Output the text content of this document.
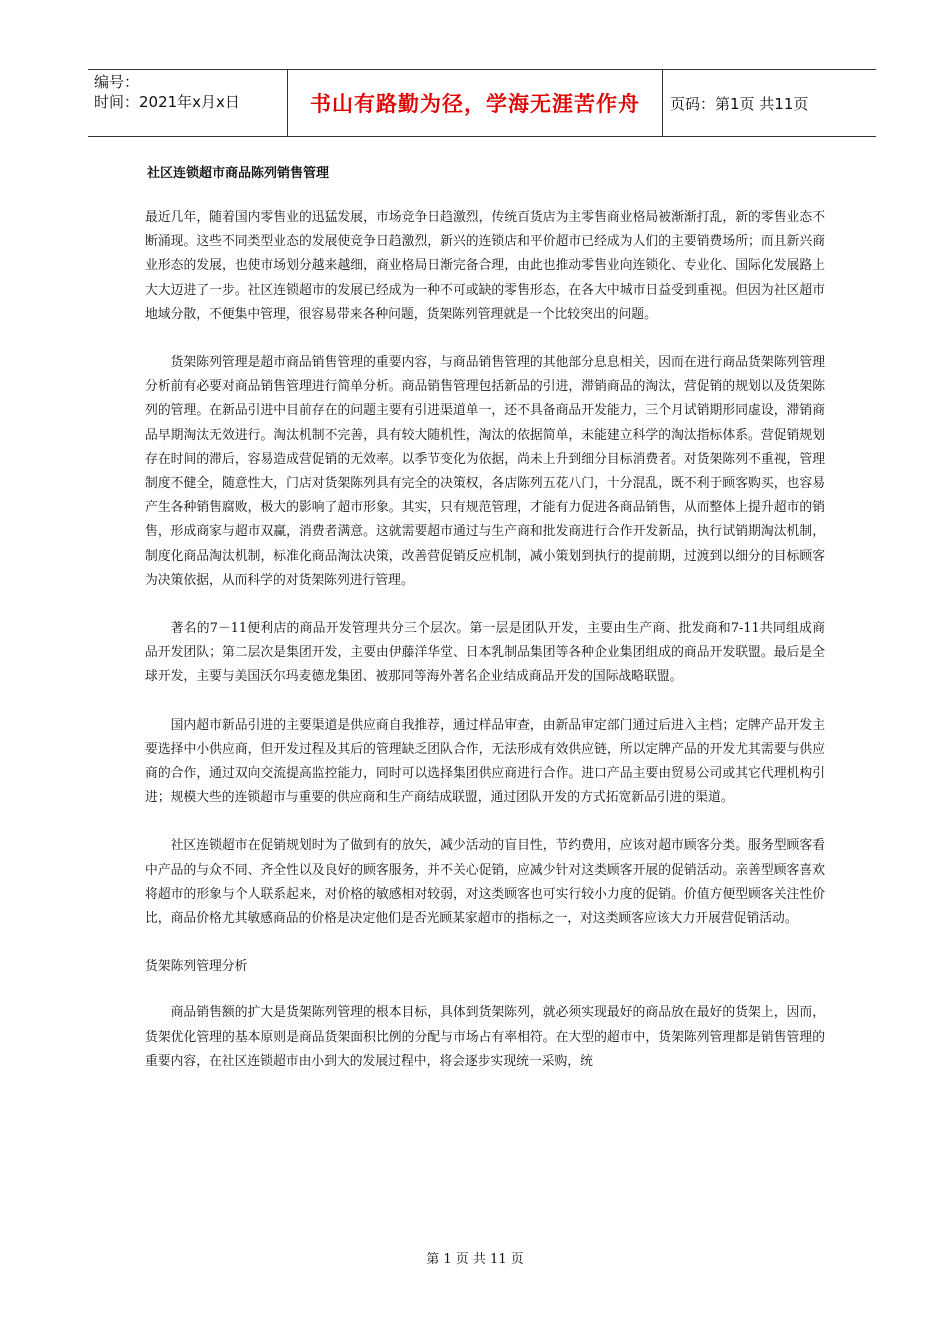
编号：
时间：2021年x月x日	书山有路勤为径，学海无涯苦作舟	页码：第1页 共11页
社区连锁超市商品陈列销售管理

最近几年，随着国内零售业的迅猛发展，市场竞争日趋激烈，传统百货店为主零售商业格局被渐渐打乱，新的零售业态不断涌现。这些不同类型业态的发展使竞争日趋激烈，新兴的连锁店和平价超市已经成为人们的主要销费场所；而且新兴商业形态的发展，也使市场划分越来越细，商业格局日渐完备合理，由此也推动零售业向连锁化、专业化、国际化发展路上大大迈进了一步。社区连锁超市的发展已经成为一种不可或缺的零售形态，在各大中城市日益受到重视。但因为社区超市地域分散，不便集中管理，很容易带来各种问题，货架陈列管理就是一个比较突出的问题。

货架陈列管理是超市商品销售管理的重要内容，与商品销售管理的其他部分息息相关，因而在进行商品货架陈列管理分析前有必要对商品销售管理进行简单分析。商品销售管理包括新品的引进，滞销商品的淘汰，营促销的规划以及货架陈列的管理。在新品引进中目前存在的问题主要有引进渠道单一，还不具备商品开发能力，三个月试销期形同虚设，滞销商品早期淘汰无效进行。淘汰机制不完善，具有较大随机性，淘汰的依据简单，未能建立科学的淘汰指标体系。营促销规划存在时间的滞后，容易造成营促销的无效率。以季节变化为依据，尚未上升到细分目标消费者。对货架陈列不重视，管理制度不健全，随意性大，门店对货架陈列具有完全的决策权，各店陈列五花八门，十分混乱，既不利于顾客购买，也容易产生各种销售腐败，极大的影响了超市形象。其实，只有规范管理，才能有力促进各商品销售，从而整体上提升超市的销售，形成商家与超市双赢，消费者满意。这就需要超市通过与生产商和批发商进行合作开发新品，执行试销期淘汰机制，制度化商品淘汰机制，标准化商品淘汰决策，改善营促销反应机制，减小策划到执行的提前期，过渡到以细分的目标顾客为决策依据，从而科学的对货架陈列进行管理。

著名的7－11便利店的商品开发管理共分三个层次。第一层是团队开发，主要由生产商、批发商和7-11共同组成商品开发团队；第二层次是集团开发，主要由伊藤洋华堂、日本乳制品集团等各种企业集团组成的商品开发联盟。最后是全球开发，主要与美国沃尔玛麦德龙集团、被那同等海外著名企业结成商品开发的国际战略联盟。

国内超市新品引进的主要渠道是供应商自我推荐，通过样品审查，由新品审定部门通过后进入主档；定牌产品开发主要选择中小供应商，但开发过程及其后的管理缺乏团队合作，无法形成有效供应链，所以定牌产品的开发尤其需要与供应商的合作，通过双向交流提高监控能力，同时可以选择集团供应商进行合作。进口产品主要由贸易公司或其它代理机构引进；规模大些的连锁超市与重要的供应商和生产商结成联盟，通过团队开发的方式拓宽新品引进的渠道。

社区连锁超市在促销规划时为了做到有的放矢，减少活动的盲目性，节约费用，应该对超市顾客分类。服务型顾客看中产品的与众不同、齐全性以及良好的顾客服务，并不关心促销，应减少针对这类顾客开展的促销活动。亲善型顾客喜欢将超市的形象与个人联系起来，对价格的敏感相对较弱，对这类顾客也可实行较小力度的促销。价值方便型顾客关注性价比，商品价格尤其敏感商品的价格是决定他们是否光顾某家超市的指标之一，对这类顾客应该大力开展营促销活动。

货架陈列管理分析

商品销售额的扩大是货架陈列管理的根本目标，具体到货架陈列，就必须实现最好的商品放在最好的货架上，因而，货架优化管理的基本原则是商品货架面积比例的分配与市场占有率相符。在大型的超市中，货架陈列管理都是销售管理的重要内容，在社区连锁超市由小到大的发展过程中，将会逐步实现统一采购，统

第 1 页 共 11 页
